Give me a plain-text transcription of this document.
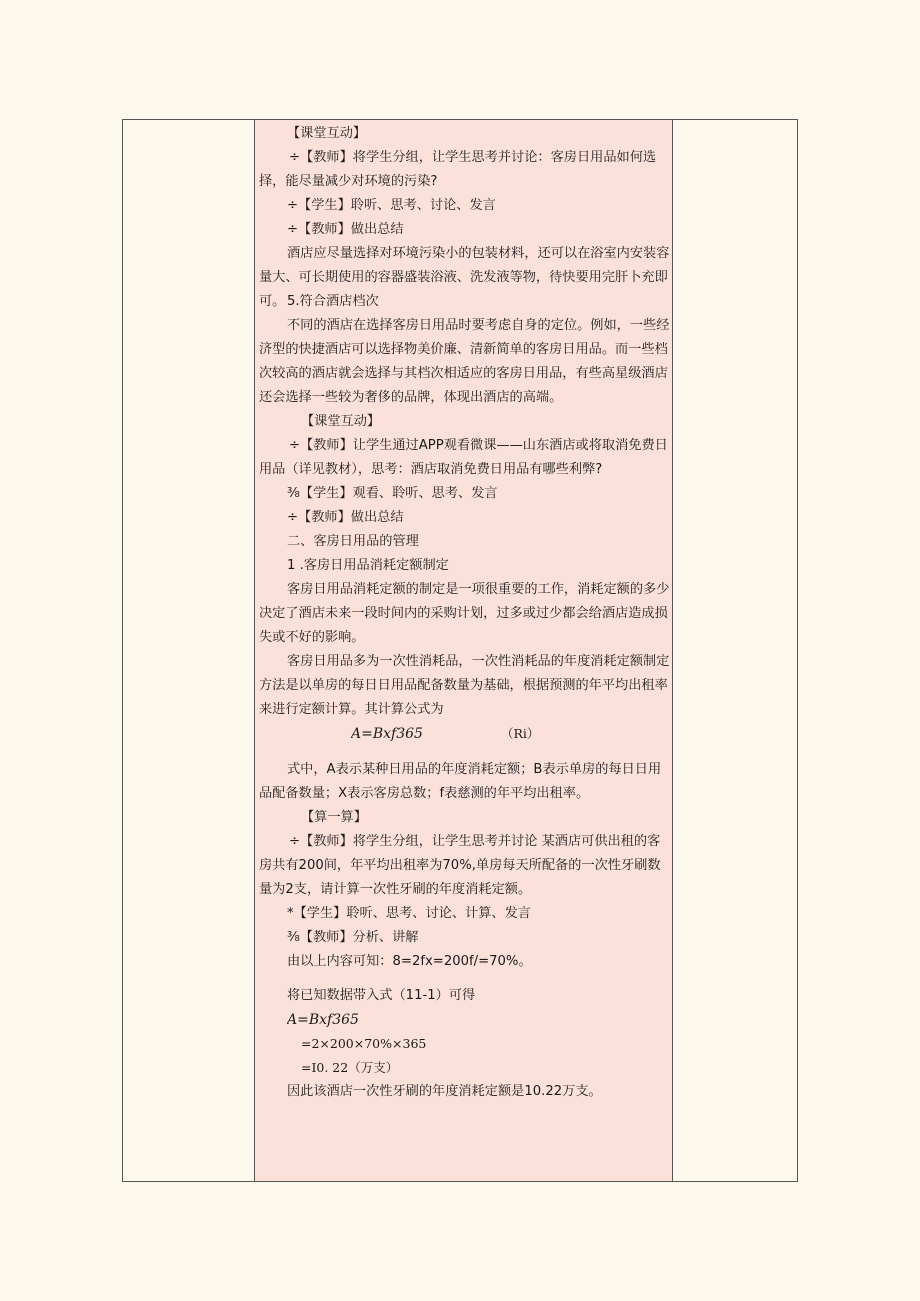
【课堂互动】

÷【教师】将学生分组，让学生思考并讨论：客房日用品如何选择，能尽量减少对环境的污染?

÷【学生】聆听、思考、讨论、发言

÷【教师】做出总结

酒店应尽量选择对环境污染小的包装材料，还可以在浴室内安装容量大、可长期使用的容器盛装浴液、洗发液等物，待快要用完肝卜充即可。 5.符合酒店档次

不同的酒店在选择客房日用品时要考虑自身的定位。例如，一些经济型的快捷酒店可以选择物美价廉、清新简单的客房日用品。而一些档次较高的酒店就会选择与其档次相适应的客房日用品，有些高星级酒店还会选择一些较为奢侈的品牌，体现出酒店的高端。

【课堂互动】

÷【教师】让学生通过APP观看微课——山东酒店或将取消免费日用品（详见教材），思考：酒店取消免费日用品有哪些利弊?

⅜【学生】观看、聆听、思考、发言

÷【教师】做出总结

二、客房日用品的管理

1 .客房日用品消耗定额制定

客房日用品消耗定额的制定是一项很重要的工作，消耗定额的多少决定了酒店未来一段时间内的采购计划，过多或过少都会给酒店造成损失或不好的影响。

客房日用品多为一次性消耗品，一次性消耗品的年度消耗定额制定方法是以单房的每日日用品配备数量为基础，根据预测的年平均出租率来进行定额计算。其计算公式为

A=Bxf365	（Ri）

式中，A表示某种日用品的年度消耗定额；B表示单房的每日日用品配备数量；X表示客房总数；f表慈测的年平均出租率。

【算一算】

÷【教师】将学生分组，让学生思考并讨论 某酒店可供出租的客房共有200间，年平均出租率为70%,单房每天所配备的一次性牙刷数量为2支，请计算一次性牙刷的年度消耗定额。

*【学生】聆听、思考、讨论、计算、发言

⅜【教师】分析、讲解

由以上内容可知：8=2fx=200f/=70%。

将已知数据带入式（11-1）可得

A=Bxf365

=2×200×70%×365

=I0. 22（万支）

因此该酒店一次性牙刷的年度消耗定额是10.22万支。
